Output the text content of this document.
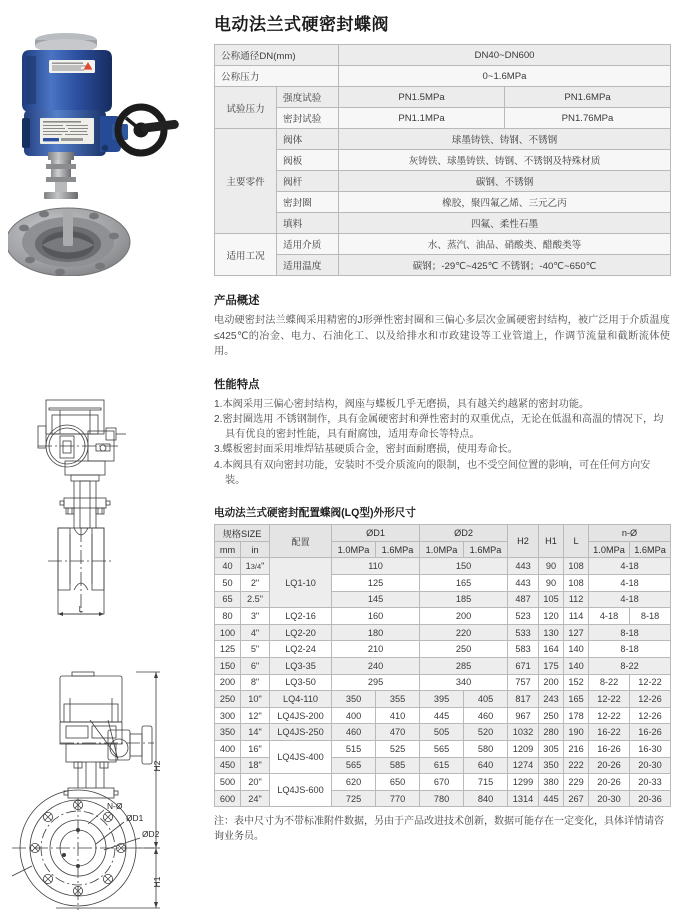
L
N-Ø
ØD1
ØD2
H2
H1
电动法兰式硬密封蝶阀
公称通径DN(mm)		DN40~DN600	
公称压力		0~1.6MPa	
试验压力	强度试验	PN1.5MPa	PN1.6MPa
	密封试验	PN1.1MPa	PN1.76MPa
主要零件	阀体	球墨铸铁、铸钢、不锈钢	
	阀板	灰铸铁、球墨铸铁、铸钢、不锈钢及特殊材质	
	阀杆	碳钢、不锈钢	
	密封圈	橡胶，聚四氟乙烯、三元乙丙	
	填料	四氟、柔性石墨	
适用工况	适用介质	水、蒸汽、油品、硝酸类、醋酸类等	
	适用温度	碳钢；-29℃~425℃ 不锈钢；-40℃~650℃	
产品概述

电动硬密封法兰蝶阀采用精密的J形弹性密封圈和三偏心多层次金属硬密封结构，被广泛用于介质温度≤425℃的冶金、电力、石油化工、以及给排水和市政建设等工业管道上，作调节流量和截断流体使用。

性能特点
1.本阀采用三偏心密封结构，阀座与蝶板几乎无磨损，具有越关约越紧的密封功能。
2.密封圈选用 不锈钢制作，具有金属硬密封和弹性密封的双重优点，无论在低温和高温的情况下，均具有优良的密封性能，具有耐腐蚀，适用寿命长等特点。
3.蝶板密封面采用堆焊钴基硬质合金，密封面耐磨损，使用寿命长。
4.本阀具有双向密封功能，安装时不受介质流向的限制，也不受空间位置的影响，可在任何方向安装。
电动法兰式硬密封配置蝶阀(LQ型)外形尺寸
规格SIZE		配置	ØD1		ØD2		H2	H1	L	n-Ø	
mm	in		1.0MPa	1.6MPa	1.0MPa	1.6MPa				1.0MPa	1.6MPa
40	13/4"	LQ1-10	110		150		443	90	108	4-18	
50	2"		125		165		443	90	108	4-18	
65	2.5"		145		185		487	105	112	4-18	
80	3"	LQ2-16	160		200		523	120	114	4-18	8-18
100	4"	LQ2-20	180		220		533	130	127	8-18	
125	5"	LQ2-24	210		250		583	164	140	8-18	
150	6"	LQ3-35	240		285		671	175	140	8-22	
200	8"	LQ3-50	295		340		757	200	152	8-22	12-22
250	10"	LQ4-110	350	355	395	405	817	243	165	12-22	12-26
300	12"	LQ4JS-200	400	410	445	460	967	250	178	12-22	12-26
350	14"	LQ4JS-250	460	470	505	520	1032	280	190	16-22	16-26
400	16"	LQ4JS-400	515	525	565	580	1209	305	216	16-26	16-30
450	18"		565	585	615	640	1274	350	222	20-26	20-30
500	20"	LQ4JS-600	620	650	670	715	1299	380	229	20-26	20-33
600	24"		725	770	780	840	1314	445	267	20-30	20-36

注：表中尺寸为不带标准附件数据，另由于产品改进技术创新，数据可能存在一定变化，具体详情请咨询业务员。
